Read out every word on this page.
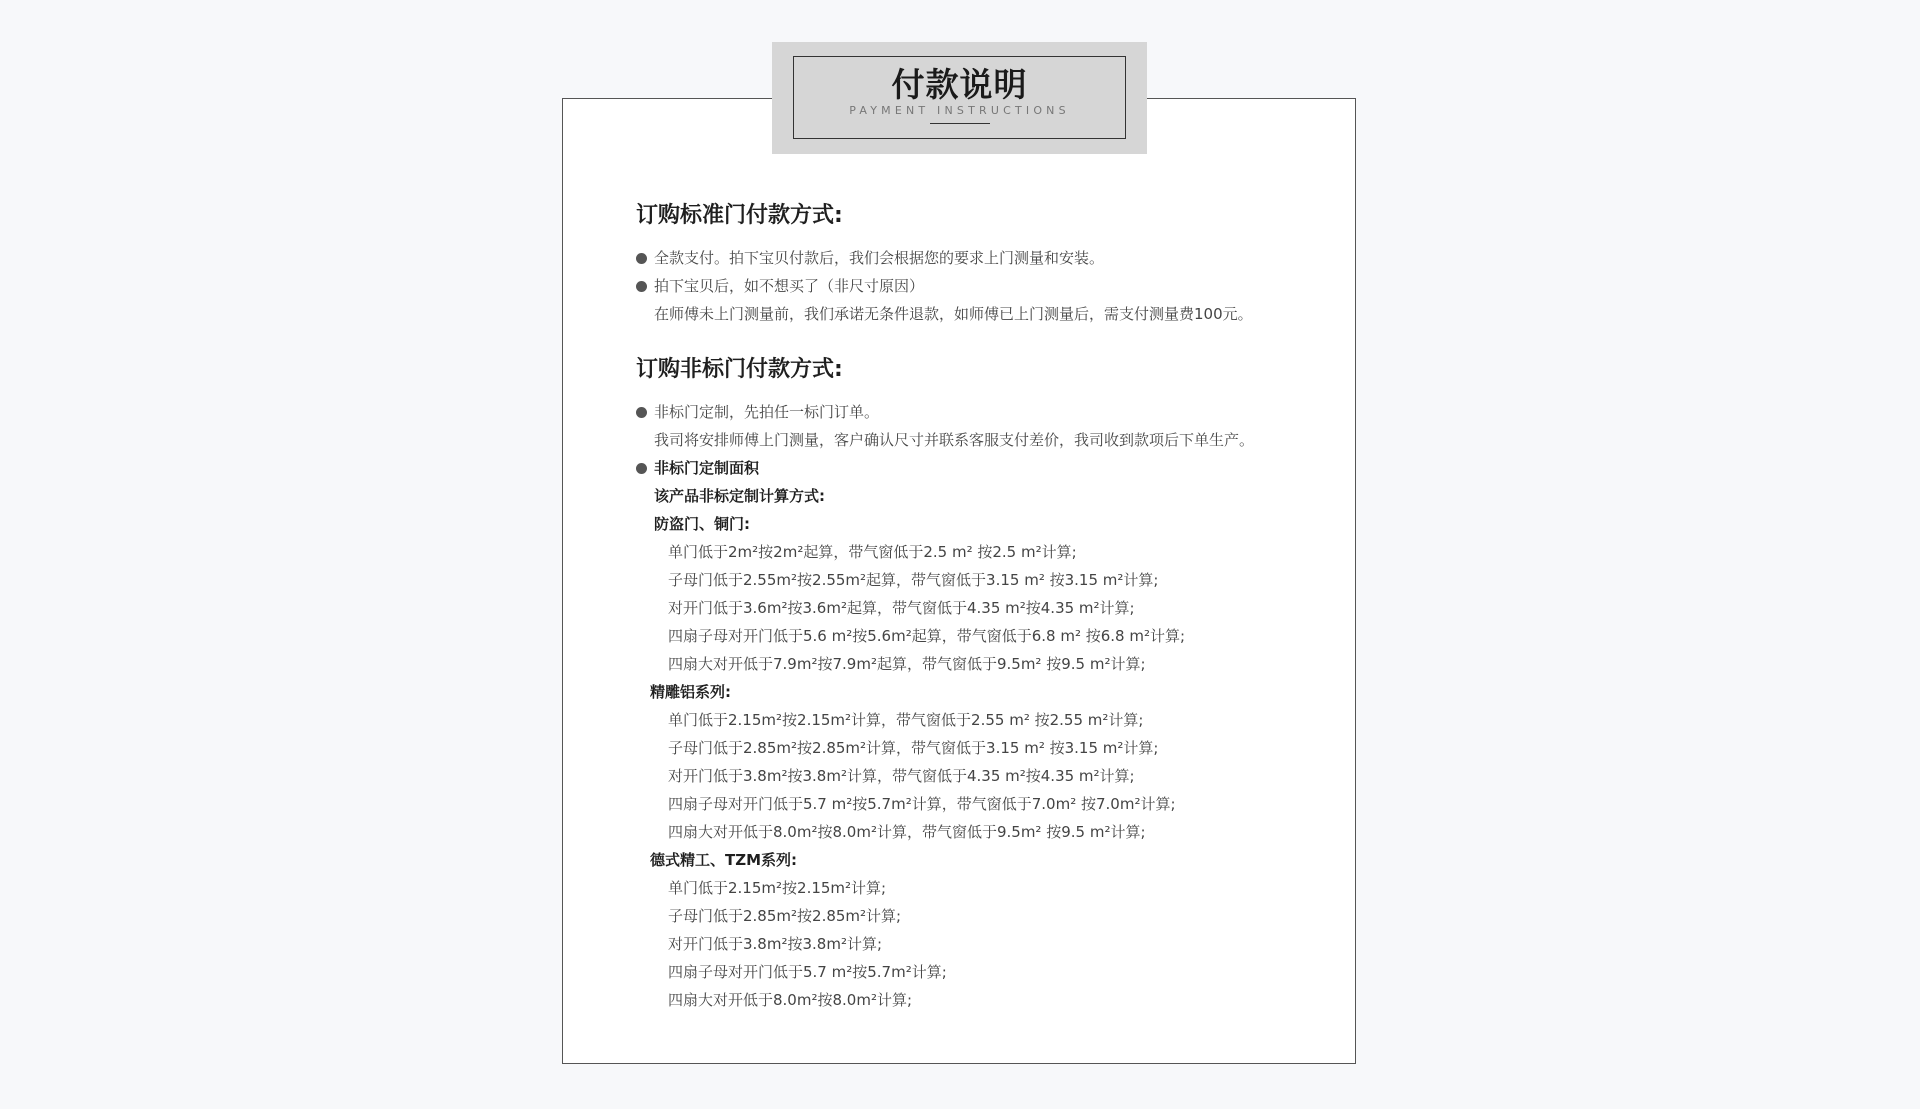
付款说明
PAYMENT INSTRUCTIONS
订购标准门付款方式:
全款支付。拍下宝贝付款后，我们会根据您的要求上门测量和安装。
拍下宝贝后，如不想买了（非尺寸原因）
在师傅未上门测量前，我们承诺无条件退款，如师傅已上门测量后，需支付测量费100元。
订购非标门付款方式:
非标门定制，先拍任一标门订单。
我司将安排师傅上门测量，客户确认尺寸并联系客服支付差价，我司收到款项后下单生产。
非标门定制面积
该产品非标定制计算方式:
防盗门、铜门:
单门低于2m²按2m²起算，带气窗低于2.5 m² 按2.5 m²计算;
子母门低于2.55m²按2.55m²起算，带气窗低于3.15 m² 按3.15 m²计算;
对开门低于3.6m²按3.6m²起算，带气窗低于4.35 m²按4.35 m²计算;
四扇子母对开门低于5.6 m²按5.6m²起算，带气窗低于6.8 m² 按6.8 m²计算;
四扇大对开低于7.9m²按7.9m²起算，带气窗低于9.5m² 按9.5 m²计算;
精雕铝系列:
单门低于2.15m²按2.15m²计算，带气窗低于2.55 m² 按2.55 m²计算;
子母门低于2.85m²按2.85m²计算，带气窗低于3.15 m² 按3.15 m²计算;
对开门低于3.8m²按3.8m²计算，带气窗低于4.35 m²按4.35 m²计算;
四扇子母对开门低于5.7 m²按5.7m²计算，带气窗低于7.0m² 按7.0m²计算;
四扇大对开低于8.0m²按8.0m²计算，带气窗低于9.5m² 按9.5 m²计算;
德式精工、TZM系列:
单门低于2.15m²按2.15m²计算;
子母门低于2.85m²按2.85m²计算;
对开门低于3.8m²按3.8m²计算;
四扇子母对开门低于5.7 m²按5.7m²计算;
四扇大对开低于8.0m²按8.0m²计算;
